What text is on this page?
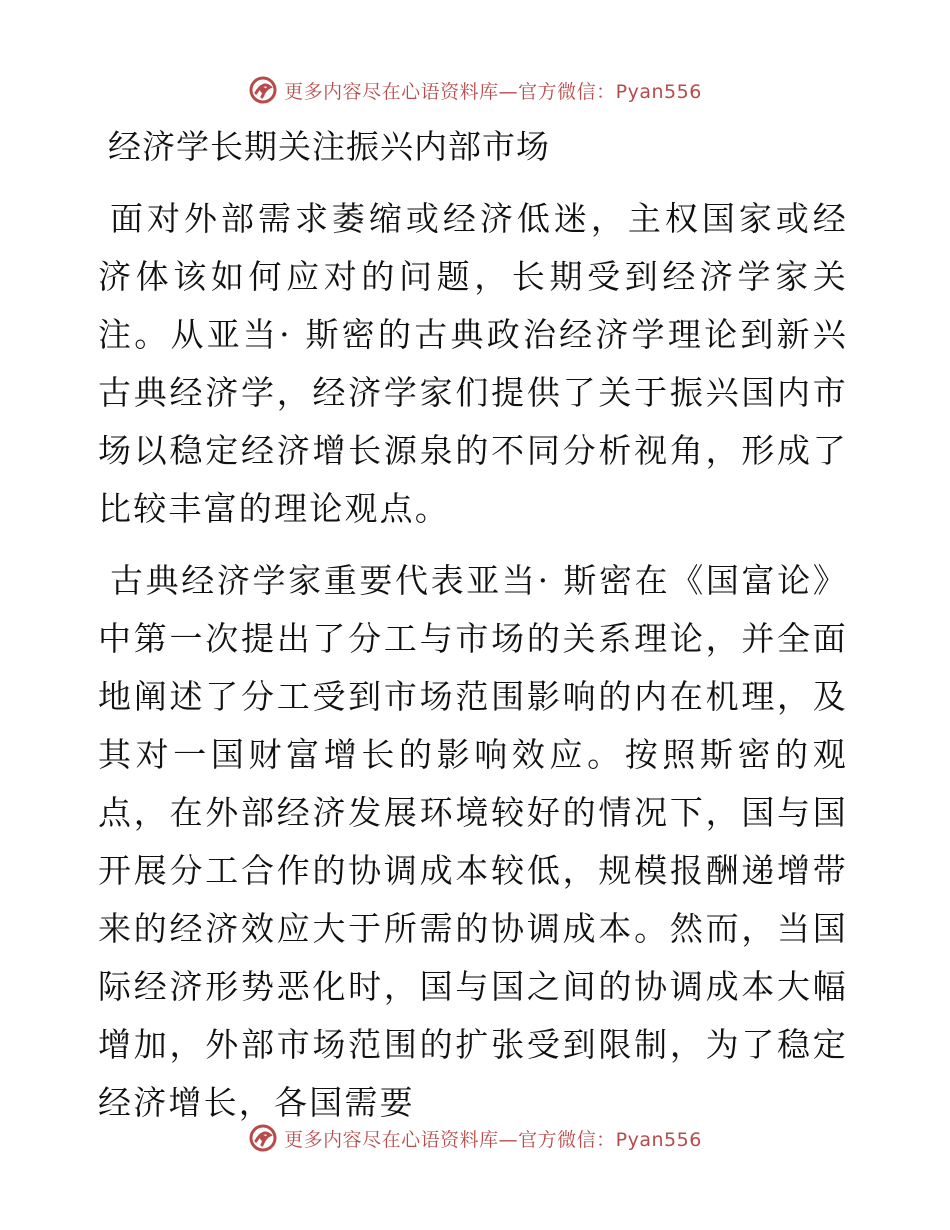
更多内容尽在心语资料库—官方微信：Pyan556
经济学长期关注振兴内部市场

面对外部需求萎缩或经济低迷，主权国家或经济体该如何应对的问题，长期受到经济学家关注。从亚当· 斯密的古典政治经济学理论到新兴古典经济学，经济学家们提供了关于振兴国内市场以稳定经济增长源泉的不同分析视角，形成了比较丰富的理论观点。

古典经济学家重要代表亚当· 斯密在《国富论》中第一次提出了分工与市场的关系理论，并全面地阐述了分工受到市场范围影响的内在机理，及其对一国财富增长的影响效应。按照斯密的观点，在外部经济发展环境较好的情况下，国与国开展分工合作的协调成本较低，规模报酬递增带来的经济效应大于所需的协调成本。然而，当国际经济形势恶化时，国与国之间的协调成本大幅增加，外部市场范围的扩张受到限制，为了稳定经济增长，各国需要

更多内容尽在心语资料库—官方微信：Pyan556
